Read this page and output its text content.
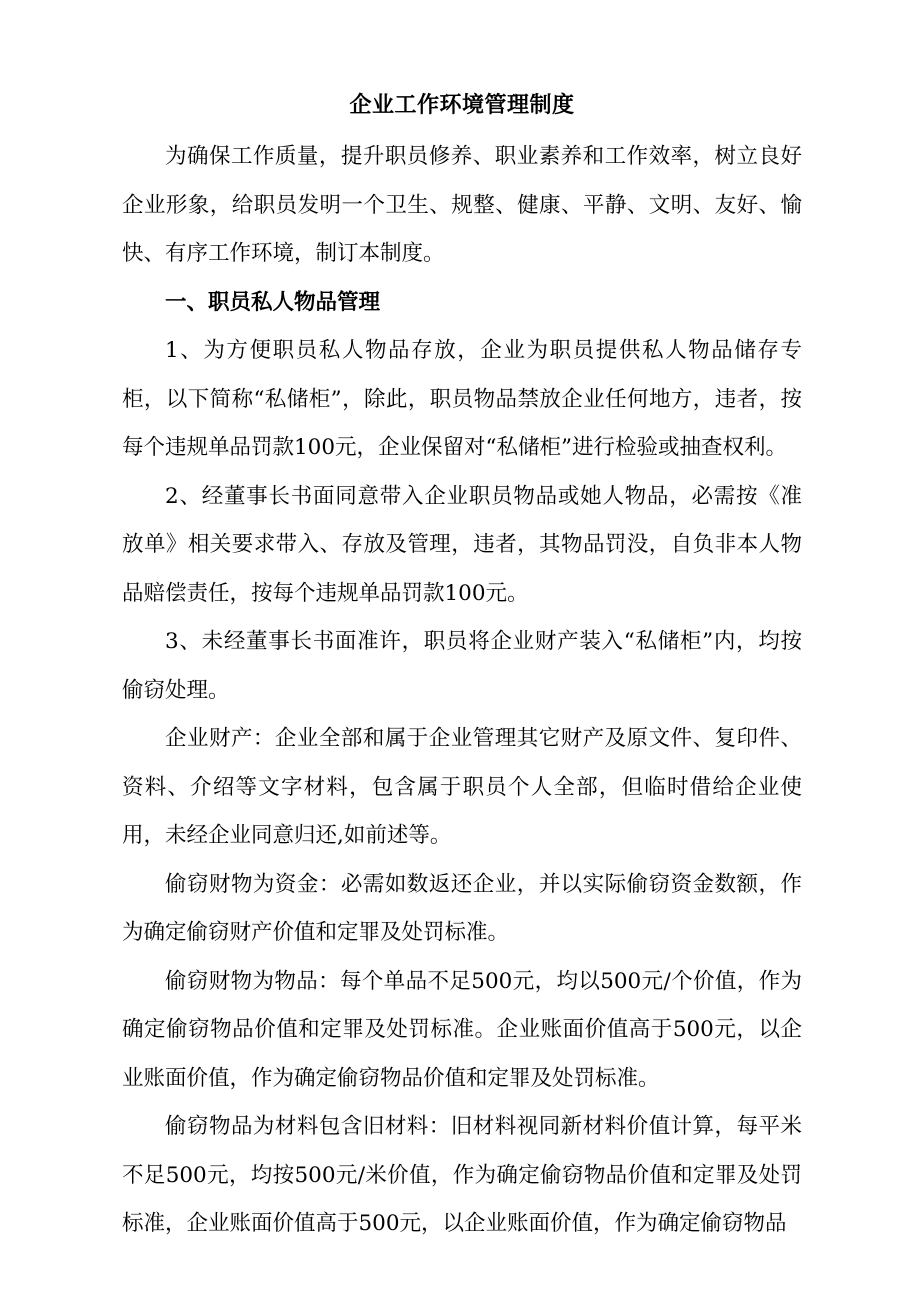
企业工作环境管理制度

为确保工作质量，提升职员修养、职业素养和工作效率，树立良好企业形象，给职员发明一个卫生、规整、健康、平静、文明、友好、愉快、有序工作环境，制订本制度。

一、职员私人物品管理

1、为方便职员私人物品存放，企业为职员提供私人物品储存专柜，以下简称“私储柜”，除此，职员物品禁放企业任何地方，违者，按每个违规单品罚款100元，企业保留对“私储柜”进行检验或抽查权利。

2、经董事长书面同意带入企业职员物品或她人物品，必需按《准放单》相关要求带入、存放及管理，违者，其物品罚没，自负非本人物品赔偿责任，按每个违规单品罚款100元。

3、未经董事长书面准许，职员将企业财产装入“私储柜”内，均按偷窃处理。

企业财产：企业全部和属于企业管理其它财产及原文件、复印件、资料、介绍等文字材料，包含属于职员个人全部，但临时借给企业使用，未经企业同意归还,如前述等。

偷窃财物为资金：必需如数返还企业，并以实际偷窃资金数额，作为确定偷窃财产价值和定罪及处罚标准。

偷窃财物为物品：每个单品不足500元，均以500元/个价值，作为确定偷窃物品价值和定罪及处罚标准。企业账面价值高于500元，以企业账面价值，作为确定偷窃物品价值和定罪及处罚标准。

偷窃物品为材料包含旧材料：旧材料视同新材料价值计算，每平米不足500元，均按500元/米价值，作为确定偷窃物品价值和定罪及处罚标准，企业账面价值高于500元，以企业账面价值，作为确定偷窃物品
